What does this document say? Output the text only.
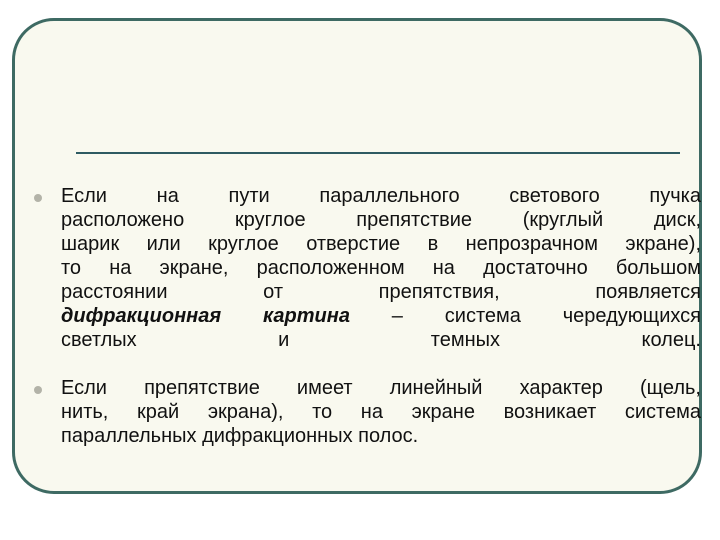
Если на пути параллельного светового пучка
расположено круглое препятствие (круглый диск,
шарик или круглое отверстие в непрозрачном экране),
то на экране, расположенном на достаточно большом
расстоянии от препятствия, появляется
дифракционная картина – система чередующихся
светлых и темных колец.
Если препятствие имеет линейный характер (щель,
нить, край экрана), то на экране возникает система
параллельных дифракционных полос.
